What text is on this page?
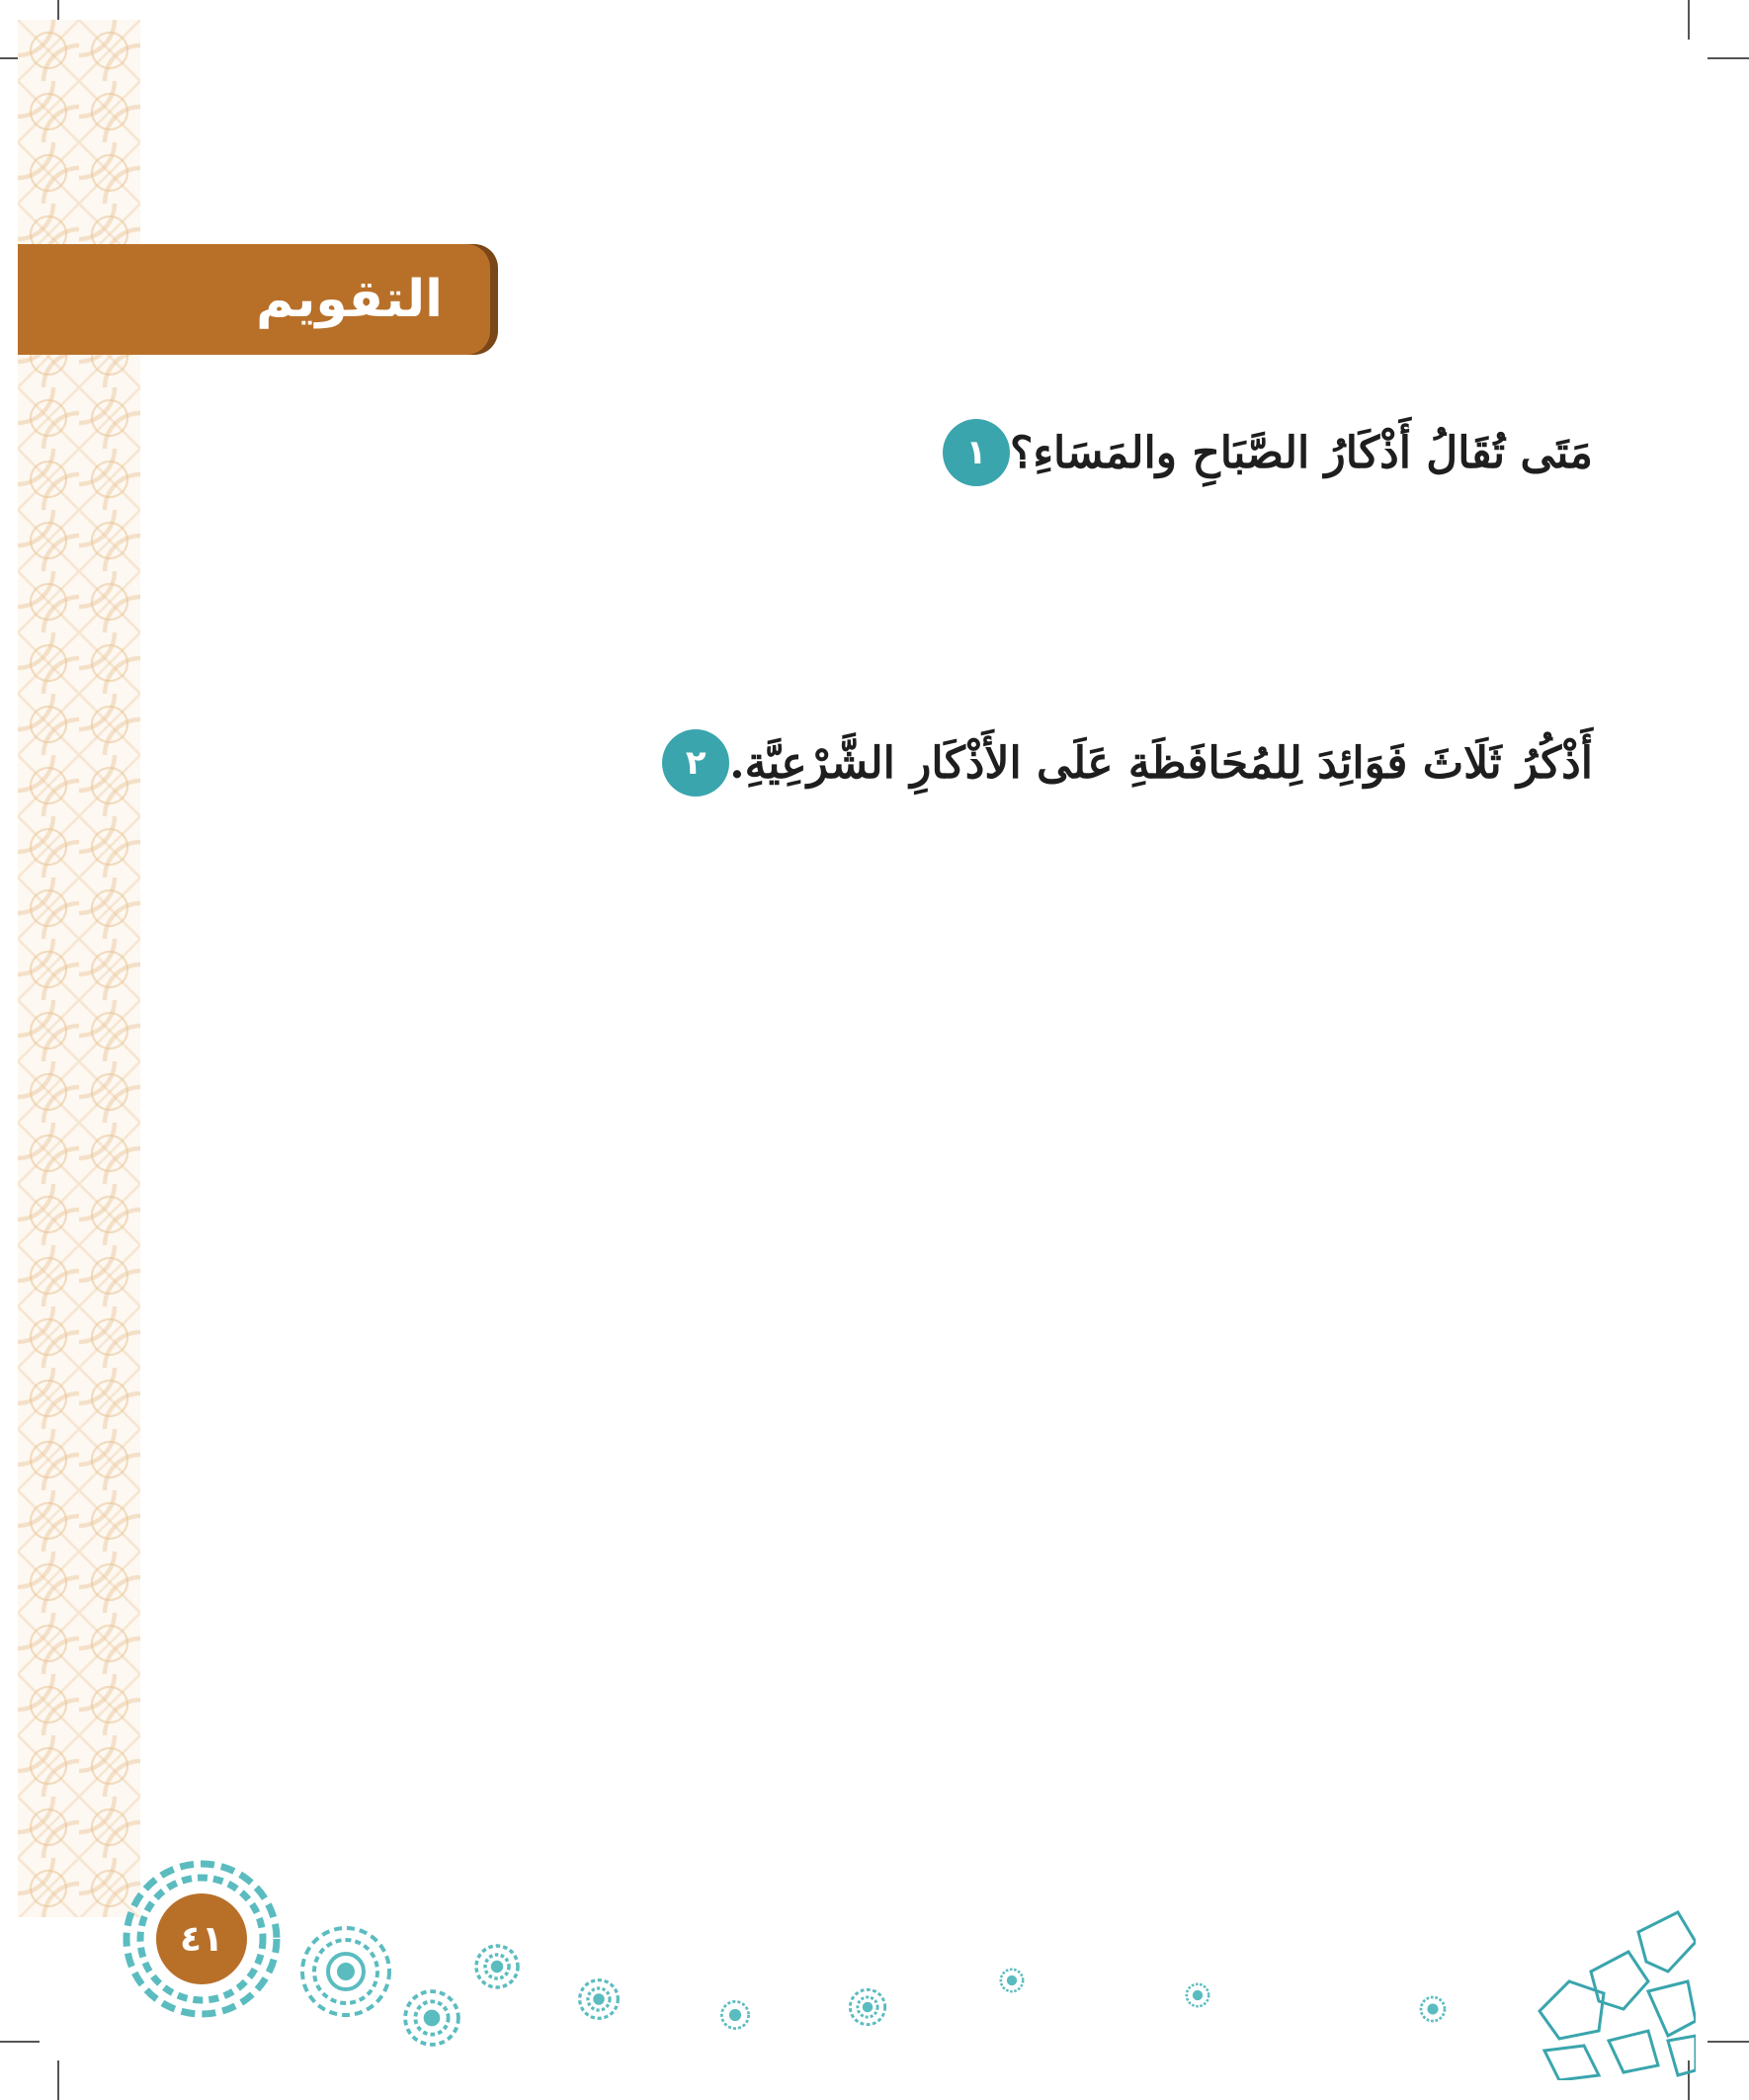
التقويم
١ مَتَى تُقَالُ أَذْكَارُ الصَّبَاحِ والمَسَاءِ؟
٢ أَذْكُرُ ثَلَاثَ فَوَائِدَ لِلمُحَافَظَةِ عَلَى الأَذْكَارِ الشَّرْعِيَّةِ.
٤١
